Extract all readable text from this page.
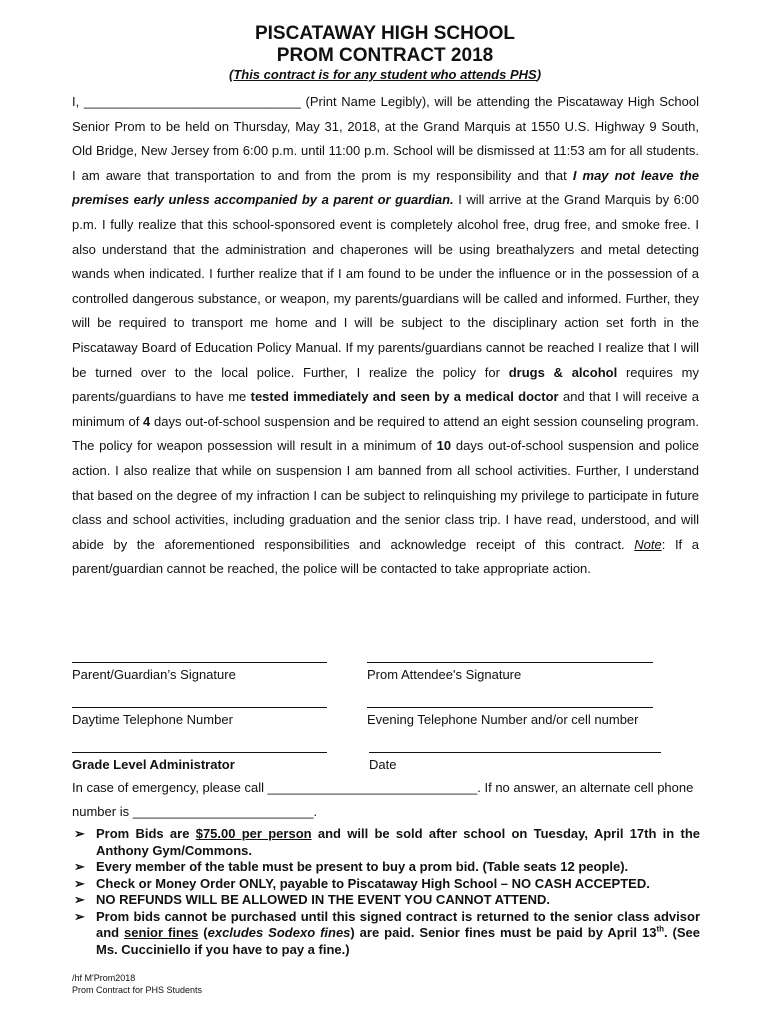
PISCATAWAY HIGH SCHOOL
PROM CONTRACT 2018
(This contract is for any student who attends PHS)
I, ______________________________ (Print Name Legibly), will be attending the Piscataway High School Senior Prom to be held on Thursday, May 31, 2018, at the Grand Marquis at 1550 U.S. Highway 9 South, Old Bridge, New Jersey from 6:00 p.m. until 11:00 p.m. School will be dismissed at 11:53 am for all students. I am aware that transportation to and from the prom is my responsibility and that I may not leave the premises early unless accompanied by a parent or guardian. I will arrive at the Grand Marquis by 6:00 p.m. I fully realize that this school-sponsored event is completely alcohol free, drug free, and smoke free. I also understand that the administration and chaperones will be using breathalyzers and metal detecting wands when indicated. I further realize that if I am found to be under the influence or in the possession of a controlled dangerous substance, or weapon, my parents/guardians will be called and informed. Further, they will be required to transport me home and I will be subject to the disciplinary action set forth in the Piscataway Board of Education Policy Manual. If my parents/guardians cannot be reached I realize that I will be turned over to the local police. Further, I realize the policy for drugs & alcohol requires my parents/guardians to have me tested immediately and seen by a medical doctor and that I will receive a minimum of 4 days out-of-school suspension and be required to attend an eight session counseling program. The policy for weapon possession will result in a minimum of 10 days out-of-school suspension and police action. I also realize that while on suspension I am banned from all school activities. Further, I understand that based on the degree of my infraction I can be subject to relinquishing my privilege to participate in future class and school activities, including graduation and the senior class trip. I have read, understood, and will abide by the aforementioned responsibilities and acknowledge receipt of this contract. Note: If a parent/guardian cannot be reached, the police will be contacted to take appropriate action.
Parent/Guardian’s Signature	Prom Attendee's Signature
Daytime Telephone Number	Evening Telephone Number and/or cell number
Grade Level Administrator	Date
In case of emergency, please call _____________________________. If no answer, an alternate cell phone number is _________________________.
➢ Prom Bids are $75.00 per person and will be sold after school on Tuesday, April 17th in the Anthony Gym/Commons.
➢ Every member of the table must be present to buy a prom bid. (Table seats 12 people).
➢ Check or Money Order ONLY, payable to Piscataway High School – NO CASH ACCEPTED.
➢ NO REFUNDS WILL BE ALLOWED IN THE EVENT YOU CANNOT ATTEND.
➢ Prom bids cannot be purchased until this signed contract is returned to the senior class advisor and senior fines (excludes Sodexo fines) are paid. Senior fines must be paid by April 13th. (See Ms. Cucciniello if you have to pay a fine.)
/hf M'Prom2018
Prom Contract for PHS Students
